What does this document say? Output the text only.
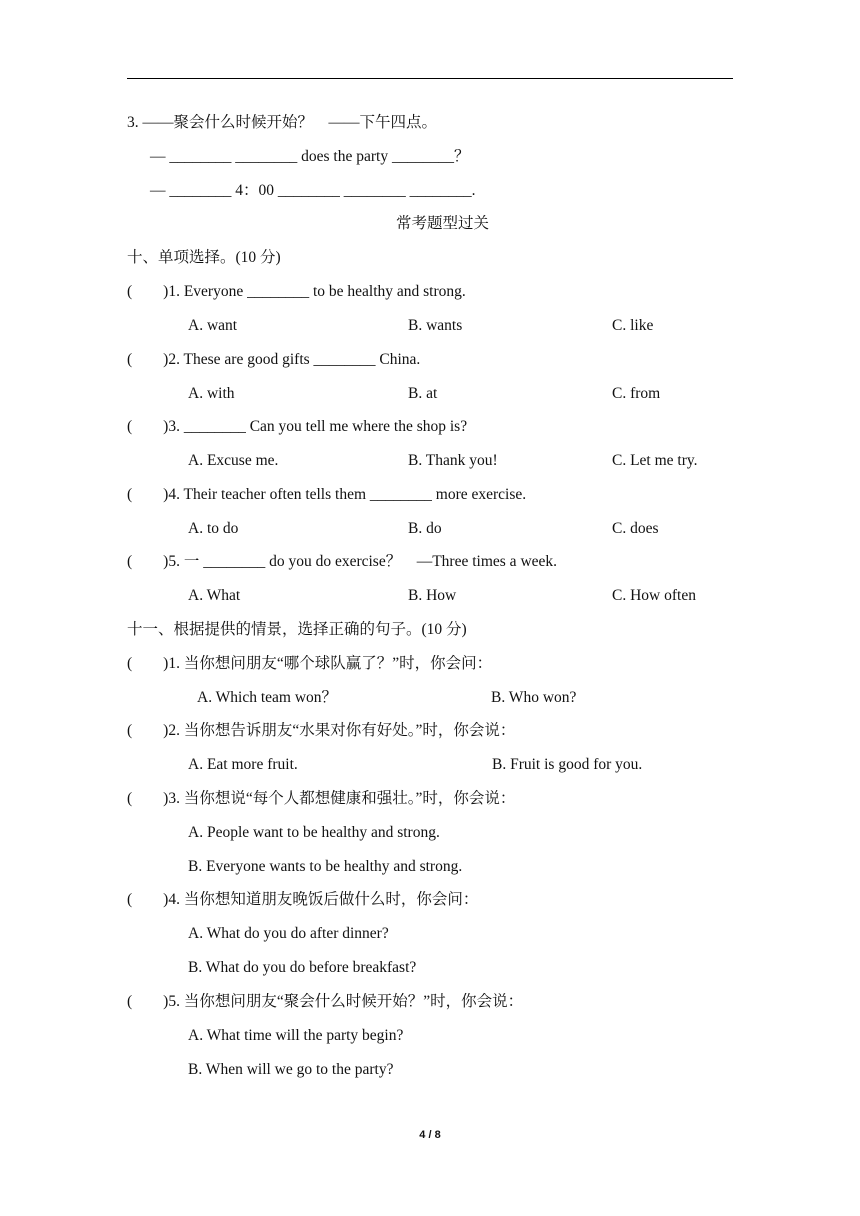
3. ——聚会什么时候开始？　——下午四点。
— ________ ________ does the party ________？
— ________ 4：00 ________ ________ ________.
常考题型过关
十、单项选择。(10 分)
(　　)1. Everyone ________ to be healthy and strong.
A. want	B. wants	C. like
(　　)2. These are good gifts ________ China.
A. with	B. at	C. from
(　　)3. ________ Can you tell me where the shop is?
A. Excuse me.	B. Thank you!	C. Let me try.
(　　)4. Their teacher often tells them ________ more exercise.
A. to do	B. do	C. does
(　　)5. 一 ________ do you do exercise？　—Three times a week.
A. What	B. How	C. How often
十一、根据提供的情景，选择正确的句子。(10 分)
(　　)1. 当你想问朋友“哪个球队赢了？”时，你会问：
A. Which team won？	B. Who won?
(　　)2. 当你想告诉朋友“水果对你有好处。”时，你会说：
A. Eat more fruit.	B. Fruit is good for you.
(　　)3. 当你想说“每个人都想健康和强壮。”时，你会说：
A. People want to be healthy and strong.
B. Everyone wants to be healthy and strong.
(　　)4. 当你想知道朋友晚饭后做什么时，你会问：
A. What do you do after dinner?
B. What do you do before breakfast?
(　　)5. 当你想问朋友“聚会什么时候开始？”时，你会说：
A. What time will the party begin?
B. When will we go to the party?
4 / 8
